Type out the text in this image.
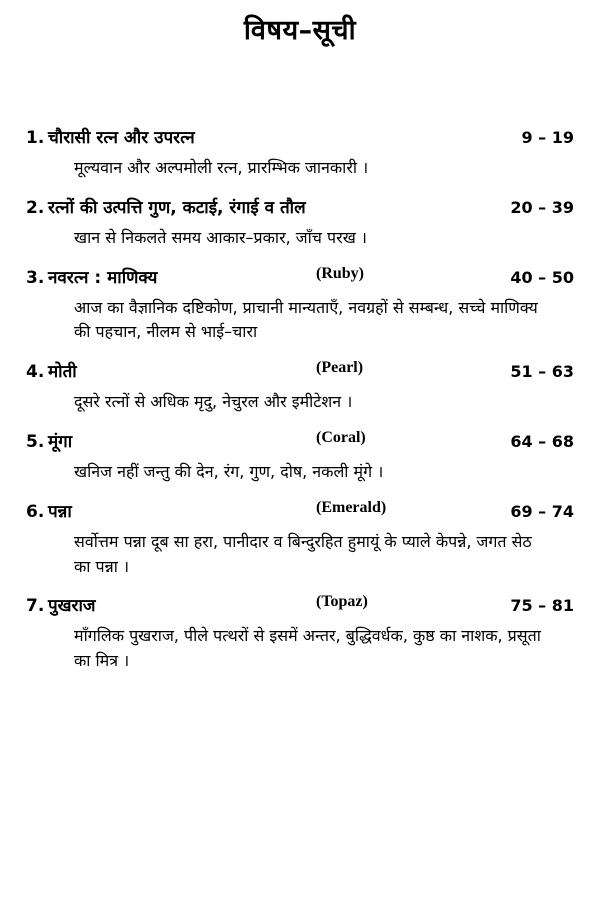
विषय–सूची
1. चौरासी रत्न और उपरत्न	9 – 19
मूल्यवान और अल्पमोली रत्न, प्रारम्भिक जानकारी ।
2. रत्नों की उत्पत्ति गुण, कटाई, रंगाई व तौल	20 – 39
खान से निकलते समय आकार–प्रकार, जाँच परख ।
3. नवरत्न : माणिक्य	(Ruby)	40 – 50
आज का वैज्ञानिक दष्टिकोण, प्राचानी मान्यताएँ, नवग्रहों से सम्बन्ध, सच्चे माणिक्य की पहचान, नीलम से भाई–चारा
4. मोती	(Pearl)	51 – 63
दूसरे रत्नों से अधिक मृदु, नेचुरल और इमीटेशन ।
5. मूंगा	(Coral)	64 – 68
खनिज नहीं जन्तु की देन, रंग, गुण, दोष, नकली मूंगे ।
6. पन्ना	(Emerald)	69 – 74
सर्वोत्तम पन्ना दूब सा हरा, पानीदार व बिन्दुरहित हुमायूं के प्याले केपन्ने, जगत सेठ का पन्ना ।
7. पुखराज	(Topaz)	75 – 81
माँगलिक पुखराज, पीले पत्थरों से इसमें अन्तर, बुद्धिवर्धक, कुष्ठ का नाशक, प्रसूता का मित्र ।
